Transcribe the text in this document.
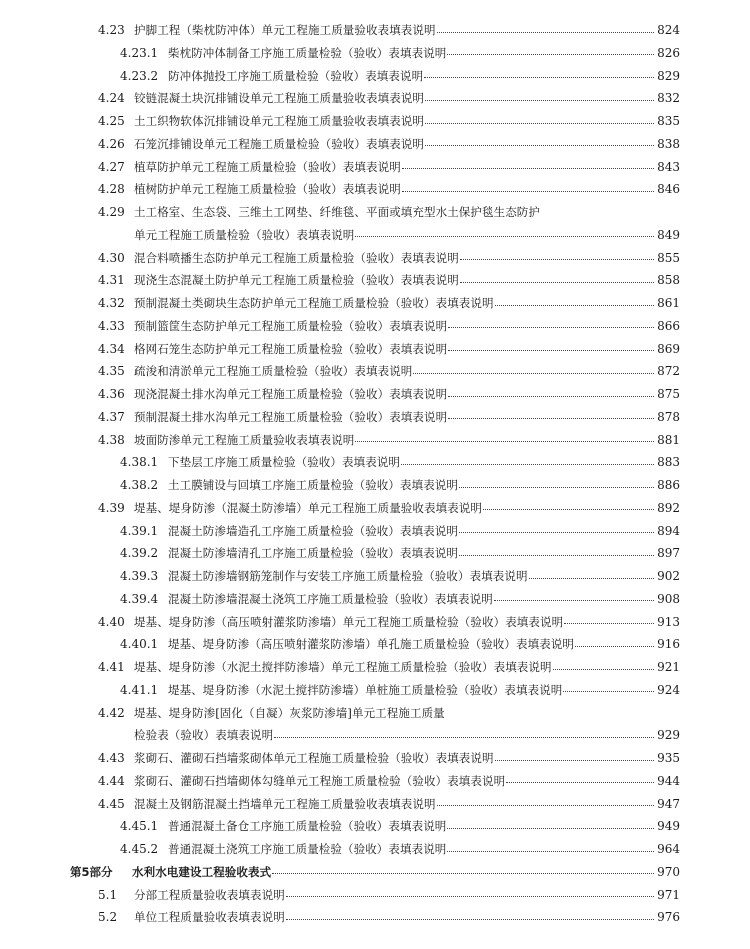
4.23 护脚工程（柴枕防冲体）单元工程施工质量验收表填表说明	824
4.23.1 柴枕防冲体制备工序施工质量检验（验收）表填表说明	826
4.23.2 防冲体抛投工序施工质量检验（验收）表填表说明	829
4.24 铰链混凝土块沉排铺设单元工程施工质量验收表填表说明	832
4.25 土工织物软体沉排铺设单元工程施工质量验收表填表说明	835
4.26 石笼沉排铺设单元工程施工质量检验（验收）表填表说明	838
4.27 植草防护单元工程施工质量检验（验收）表填表说明	843
4.28 植树防护单元工程施工质量检验（验收）表填表说明	846
4.29 土工格室、生态袋、三维土工网垫、纤维毯、平面或填充型水土保护毯生态防护
单元工程施工质量检验（验收）表填表说明	849
4.30 混合料喷播生态防护单元工程施工质量检验（验收）表填表说明	855
4.31 现浇生态混凝土防护单元工程施工质量检验（验收）表填表说明	858
4.32 预制混凝土类砌块生态防护单元工程施工质量检验（验收）表填表说明	861
4.33 预制篮筐生态防护单元工程施工质量检验（验收）表填表说明	866
4.34 格网石笼生态防护单元工程施工质量检验（验收）表填表说明	869
4.35 疏浚和清淤单元工程施工质量检验（验收）表填表说明	872
4.36 现浇混凝土排水沟单元工程施工质量检验（验收）表填表说明	875
4.37 预制混凝土排水沟单元工程施工质量检验（验收）表填表说明	878
4.38 坡面防渗单元工程施工质量验收表填表说明	881
4.38.1 下垫层工序施工质量检验（验收）表填表说明	883
4.38.2 土工膜铺设与回填工序施工质量检验（验收）表填表说明	886
4.39 堤基、堤身防渗（混凝土防渗墙）单元工程施工质量验收表填表说明	892
4.39.1 混凝土防渗墙造孔工序施工质量检验（验收）表填表说明	894
4.39.2 混凝土防渗墙清孔工序施工质量检验（验收）表填表说明	897
4.39.3 混凝土防渗墙钢筋笼制作与安装工序施工质量检验（验收）表填表说明	902
4.39.4 混凝土防渗墙混凝土浇筑工序施工质量检验（验收）表填表说明	908
4.40 堤基、堤身防渗（高压喷射灌浆防渗墙）单元工程施工质量检验（验收）表填表说明	913
4.40.1 堤基、堤身防渗（高压喷射灌浆防渗墙）单孔施工质量检验（验收）表填表说明	916
4.41 堤基、堤身防渗（水泥土搅拌防渗墙）单元工程施工质量检验（验收）表填表说明	921
4.41.1 堤基、堤身防渗（水泥土搅拌防渗墙）单桩施工质量检验（验收）表填表说明	924
4.42 堤基、堤身防渗[固化（自凝）灰浆防渗墙]单元工程施工质量
检验表（验收）表填表说明	929
4.43 浆砌石、灌砌石挡墙浆砌体单元工程施工质量检验（验收）表填表说明	935
4.44 浆砌石、灌砌石挡墙砌体勾缝单元工程施工质量检验（验收）表填表说明	944
4.45 混凝土及钢筋混凝土挡墙单元工程施工质量验收表填表说明	947
4.45.1 普通混凝土备仓工序施工质量检验（验收）表填表说明	949
4.45.2 普通混凝土浇筑工序施工质量检验（验收）表填表说明	964
第5部分	水利水电建设工程验收表式	970
5.1	分部工程质量验收表填表说明	971
5.2	单位工程质量验收表填表说明	976
